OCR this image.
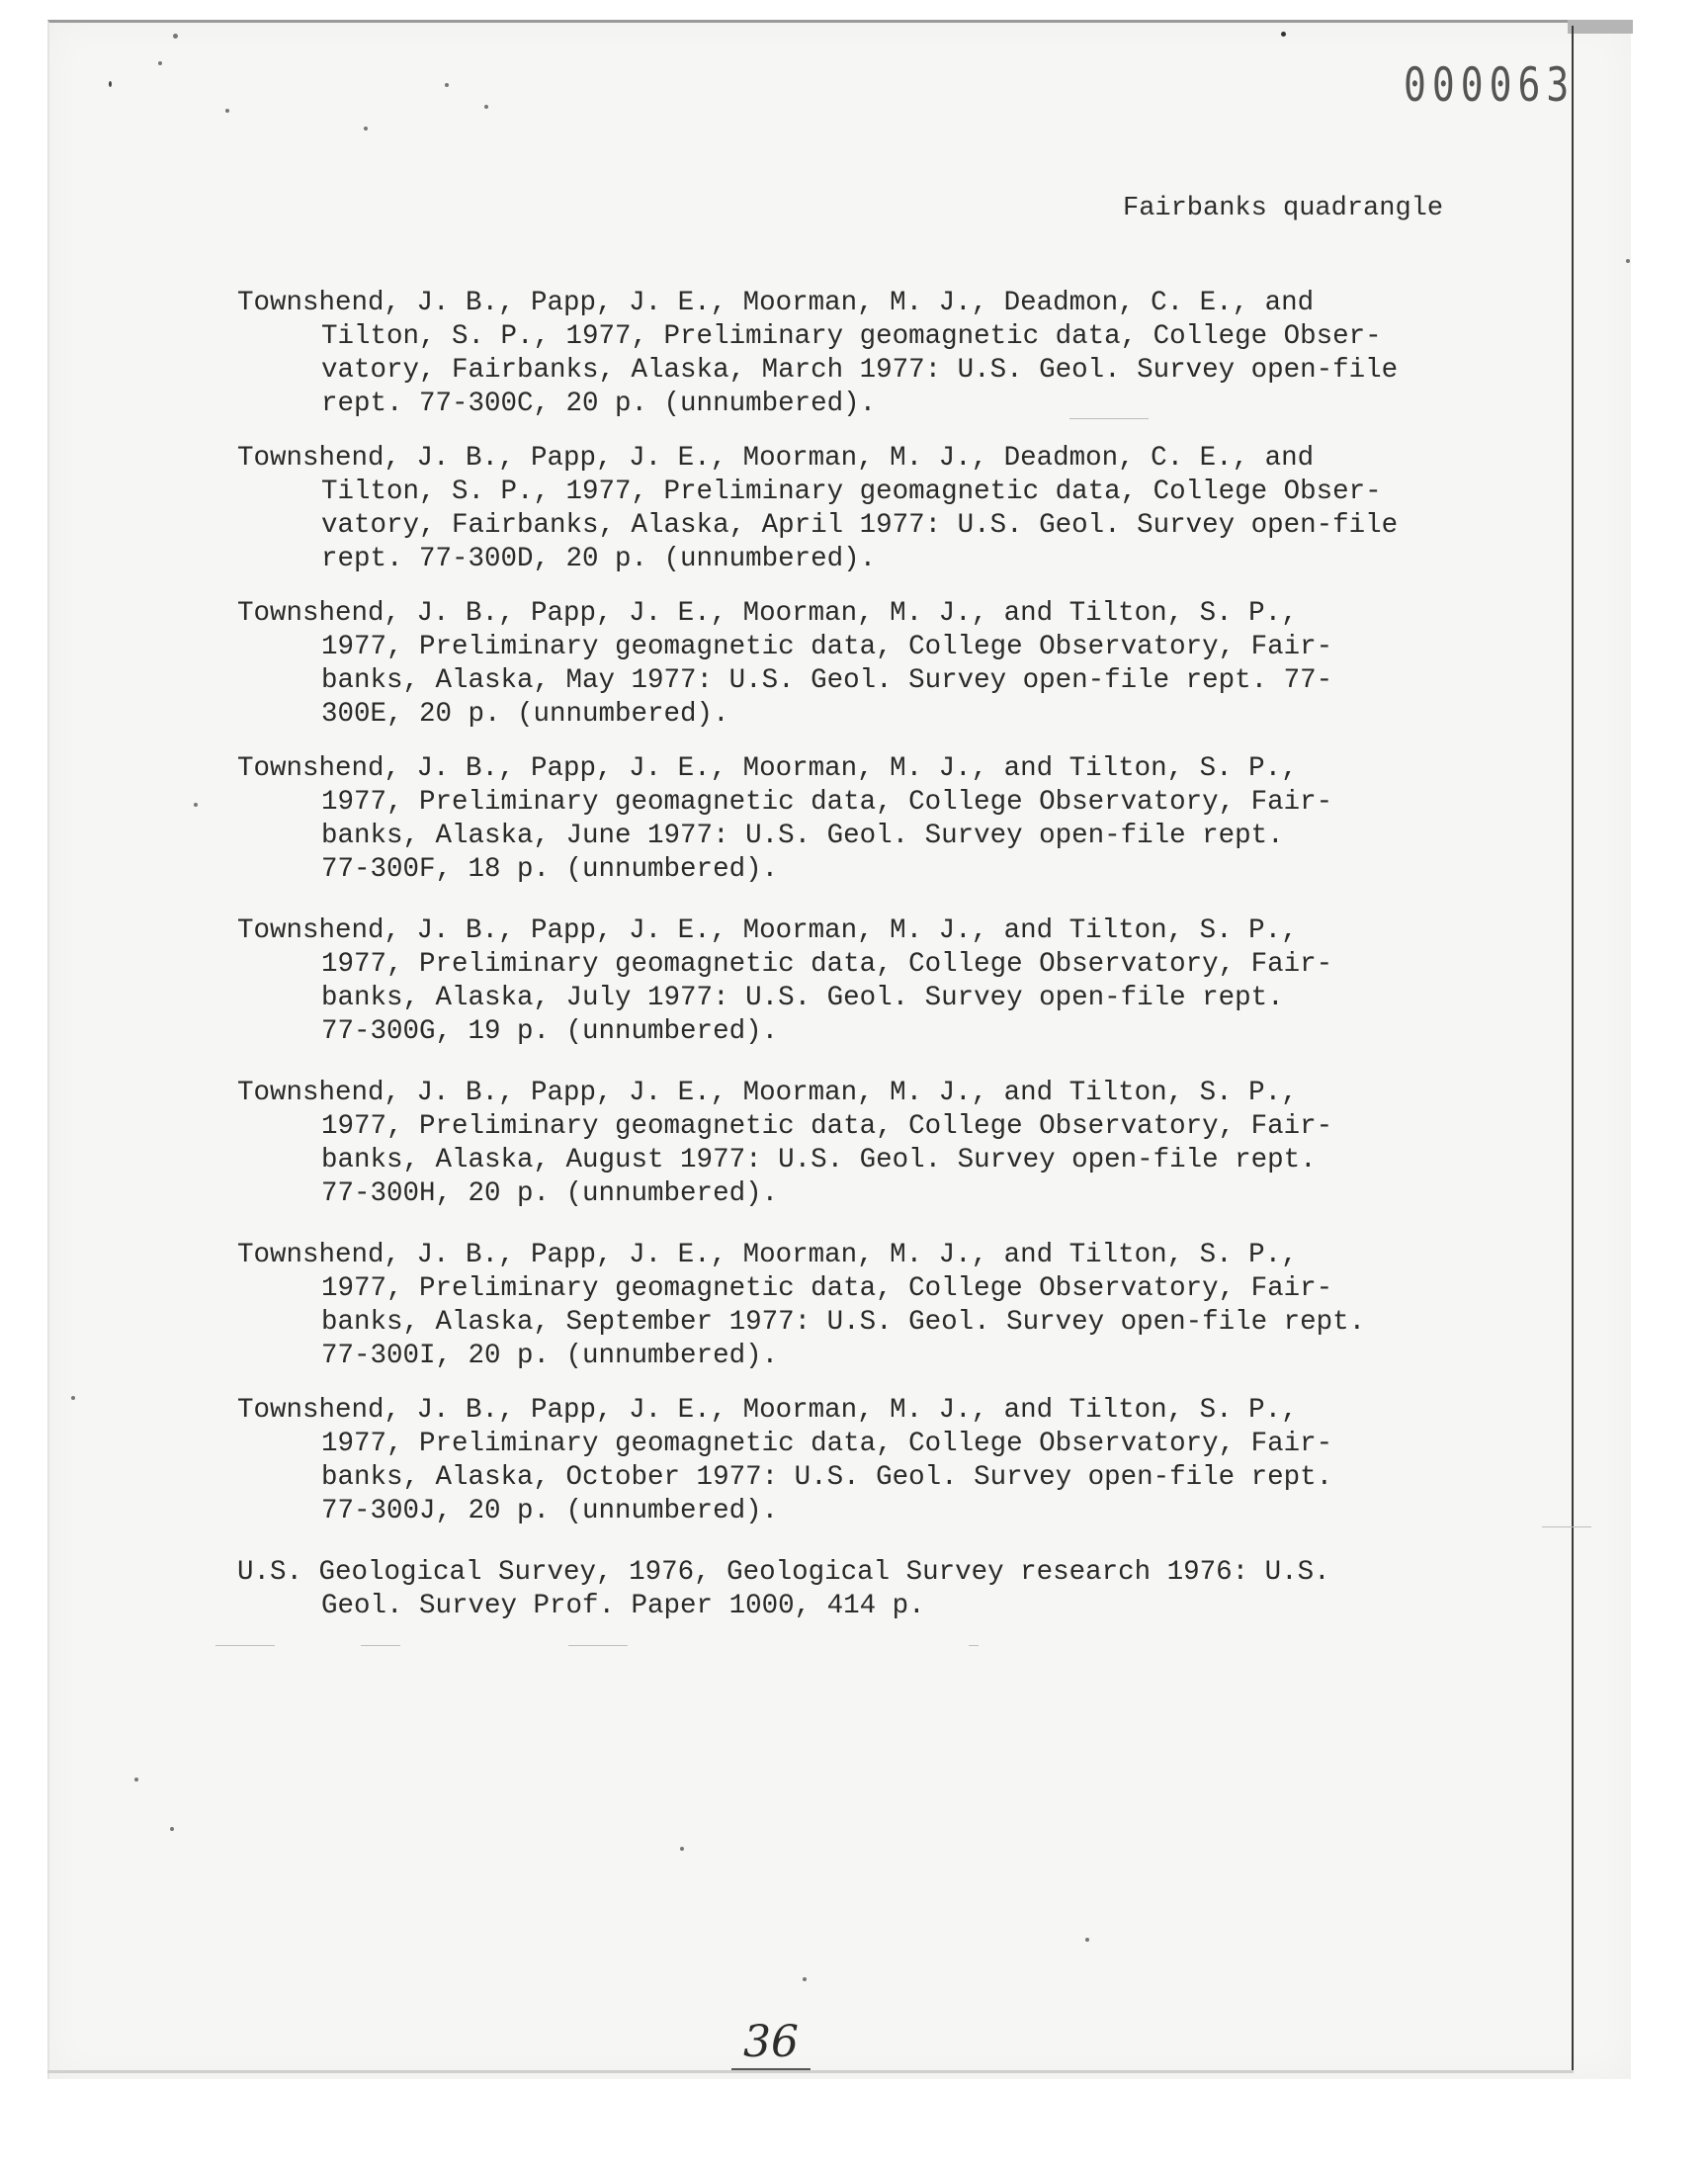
000063
Fairbanks quadrangle

Townshend, J. B., Papp, J. E., Moorman, M. J., Deadmon, C. E., and
Tilton, S. P., 1977, Preliminary geomagnetic data, College Obser-
vatory, Fairbanks, Alaska, March 1977: U.S. Geol. Survey open-file
rept. 77-300C, 20 p. (unnumbered).

Townshend, J. B., Papp, J. E., Moorman, M. J., Deadmon, C. E., and
Tilton, S. P., 1977, Preliminary geomagnetic data, College Obser-
vatory, Fairbanks, Alaska, April 1977: U.S. Geol. Survey open-file
rept. 77-300D, 20 p. (unnumbered).

Townshend, J. B., Papp, J. E., Moorman, M. J., and Tilton, S. P.,
1977, Preliminary geomagnetic data, College Observatory, Fair-
banks, Alaska, May 1977: U.S. Geol. Survey open-file rept. 77-
300E, 20 p. (unnumbered).

Townshend, J. B., Papp, J. E., Moorman, M. J., and Tilton, S. P.,
1977, Preliminary geomagnetic data, College Observatory, Fair-
banks, Alaska, June 1977: U.S. Geol. Survey open-file rept.
77-300F, 18 p. (unnumbered).

Townshend, J. B., Papp, J. E., Moorman, M. J., and Tilton, S. P.,
1977, Preliminary geomagnetic data, College Observatory, Fair-
banks, Alaska, July 1977: U.S. Geol. Survey open-file rept.
77-300G, 19 p. (unnumbered).

Townshend, J. B., Papp, J. E., Moorman, M. J., and Tilton, S. P.,
1977, Preliminary geomagnetic data, College Observatory, Fair-
banks, Alaska, August 1977: U.S. Geol. Survey open-file rept.
77-300H, 20 p. (unnumbered).

Townshend, J. B., Papp, J. E., Moorman, M. J., and Tilton, S. P.,
1977, Preliminary geomagnetic data, College Observatory, Fair-
banks, Alaska, September 1977: U.S. Geol. Survey open-file rept.
77-300I, 20 p. (unnumbered).

Townshend, J. B., Papp, J. E., Moorman, M. J., and Tilton, S. P.,
1977, Preliminary geomagnetic data, College Observatory, Fair-
banks, Alaska, October 1977: U.S. Geol. Survey open-file rept.
77-300J, 20 p. (unnumbered).

U.S. Geological Survey, 1976, Geological Survey research 1976: U.S.
Geol. Survey Prof. Paper 1000, 414 p.

36
